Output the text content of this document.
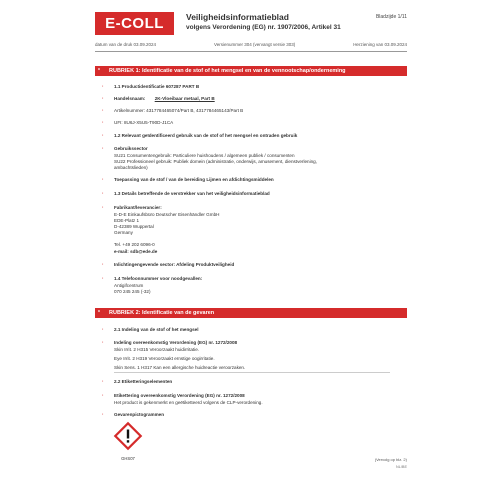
E-COLL	Veiligheidsinformatieblad
volgens Verordening (EG) nr. 1907/2006, Artikel 31
Bladzijde 1/11
datum van de druk 03.09.2024	Versienummer 304 (vervangt versie 303)	Herziening van 03.09.2024
RUBRIEK 1: Identificatie van de stof of het mengsel en van de vennootschap/onderneming
*
· 1.1 Productidentificatie 607287 PART B
· Handelsnaam: 2K-Vloeibaar metaal, Part B
· Artikelnummer: 4317784465074/Part B, 4317784465143/Part B
· UFI: 8U6J-X5U5-T90D-J1CA
· 1.2 Relevant geïdentificeerd gebruik van de stof of het mengsel en ontraden gebruik
· Gebruikssector
SU21 Consumentengebruik: Particuliere huishoudens / algemeen publiek / consumenten
SU22 Professioneel gebruik: Publiek domein (administratie, onderwijs, amusement, dienstverlening,
ambachtslieden)
· Toepassing van de stof / van de bereiding Lijmen en afdichtingsmiddelen
· 1.3 Details betreffende de verstrekker van het veiligheidsinformatieblad
· Fabrikant/leverancier:
E-D-E Einkaufsbüro Deutscher Eisenhändler GmbH
EDE-Platz 1
D-42389 Wuppertal
Germany
Tel. +49 202 6096-0
e-mail: sdb@ede.de
· Inlichtingengevende sector: Afdeling Produktveiligheid
· 1.4 Telefoonnummer voor noodgevallen:
Antigifcentrum
070 245 245 (-32)
RUBRIEK 2: Identificatie van de gevaren
*
· 2.1 Indeling van de stof of het mengsel
· Indeling overeenkomstig Verordening (EG) nr. 1272/2008
Skin Irrit. 2 H315 Veroorzaakt huidirritatie.
Eye Irrit. 2 H319 Veroorzaakt ernstige oogirritatie.
Skin Sens. 1 H317 Kan een allergische huidreactie veroorzaken.
· 2.2 Etiketteringselementen
· Etikettering overeenkomstig Verordening (EG) nr. 1272/2008
Het product is gekenmerkt en geëtiketteerd volgens de CLP-verordening.
· Gevarenpictogrammen
GHS07	(Vervolg op blz. 2)
NL/BE
